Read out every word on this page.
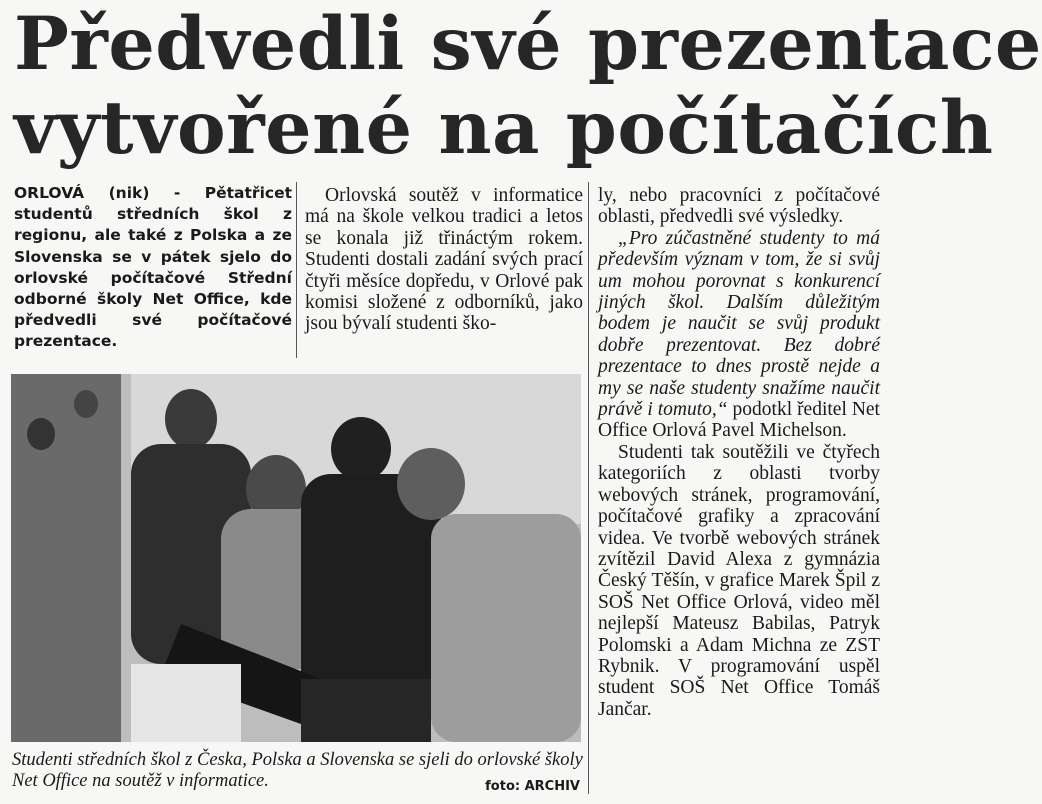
Předvedli své prezentace
vytvořené na počítačích
ORLOVÁ (nik) - Pětatřicet studentů středních škol z regionu, ale také z Polska a ze Slovenska se v pátek sjelo do orlovské počítačové Střední odborné školy Net Office, kde předvedli své počítačové prezentace.

Orlovská soutěž v informatice má na škole velkou tradici a letos se konala již třináctým rokem. Studenti dostali zadání svých prací čtyři měsíce dopředu, v Orlové pak komisi složené z odborníků, jako jsou bývalí studenti ško-

ly, nebo pracovníci z počítačové oblasti, předvedli své výsledky.

„Pro zúčastněné studenty to má především význam v tom, že si svůj um mohou porovnat s konkurencí jiných škol. Dalším důležitým bodem je naučit se svůj produkt dobře prezentovat. Bez dobré prezentace to dnes prostě nejde a my se naše studenty snažíme naučit právě i tomuto,“ podotkl ředitel Net Office Orlová Pavel Michelson.

Studenti tak soutěžili ve čtyřech kategoriích z oblasti tvorby webových stránek, programování, počítačové grafiky a zpracování videa. Ve tvorbě webových stránek zvítězil David Alexa z gymnázia Český Těšín, v grafice Marek Špil z SOŠ Net Office Orlová, video měl nejlepší Mateusz Babilas, Patryk Polomski a Adam Michna ze ZST Rybnik. V programování uspěl student SOŠ Net Office Tomáš Jančar.

Studenti středních škol z Česka, Polska a Slovenska se sjeli do orlovské školy Net Office na soutěž v informatice.	foto: ARCHIV
